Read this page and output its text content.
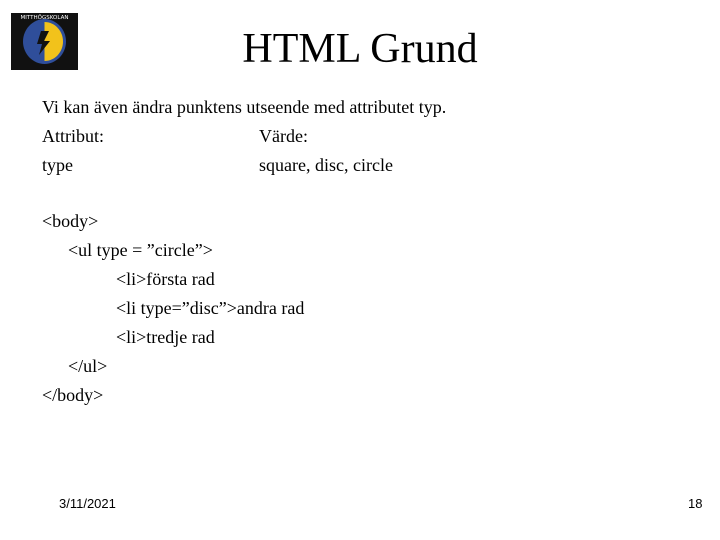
MITTHÖGSKOLAN
HTML Grund
Vi kan även ändra punktens utseende med attributet typ.
Attribut:	Värde:
type	square, disc, circle
<body>
<ul type = ”circle”>
<li>första rad
<li type=”disc”>andra rad
<li>tredje rad
</ul>
</body>
3/11/2021	18
